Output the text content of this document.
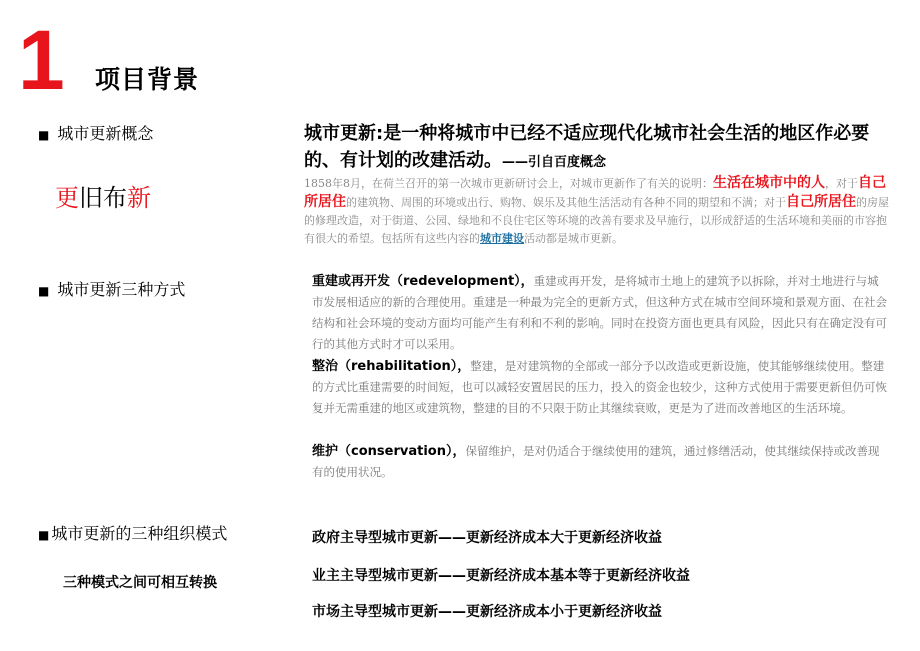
1 项目背景
■ 城市更新概念
更旧布新
城市更新:是一种将城市中已经不适应现代化城市社会生活的地区作必要的、有计划的改建活动。——引自百度概念
1858年8月，在荷兰召开的第一次城市更新研讨会上，对城市更新作了有关的说明：生活在城市中的人，对于自己所居住的建筑物、周围的环境或出行、购物、娱乐及其他生活活动有各种不同的期望和不满；对于自己所居住的房屋的修理改造，对于街道、公园、绿地和不良住宅区等环境的改善有要求及早施行，以形成舒适的生活环境和美丽的市容抱有很大的希望。包括所有这些内容的城市建设活动都是城市更新。
■ 城市更新三种方式	重建或再开发（redevelopment），重建或再开发，是将城市土地上的建筑予以拆除，并对土地进行与城市发展相适应的新的合理使用。重建是一种最为完全的更新方式，但这种方式在城市空间环境和景观方面、在社会结构和社会环境的变动方面均可能产生有利和不利的影响。同时在投资方面也更具有风险，因此只有在确定没有可行的其他方式时才可以采用。
整治（rehabilitation），整建，是对建筑物的全部或一部分予以改造或更新设施，使其能够继续使用。整建的方式比重建需要的时间短，也可以减轻安置居民的压力，投入的资金也较少，这种方式使用于需要更新但仍可恢复并无需重建的地区或建筑物，整建的目的不只限于防止其继续衰败，更是为了进而改善地区的生活环境。
维护（conservation），保留维护，是对仍适合于继续使用的建筑，通过修缮活动，使其继续保持或改善现有的使用状况。
■ 城市更新的三种组织模式
三种模式之间可相互转换
政府主导型城市更新——更新经济成本大于更新经济收益
业主主导型城市更新——更新经济成本基本等于更新经济收益
市场主导型城市更新——更新经济成本小于更新经济收益
